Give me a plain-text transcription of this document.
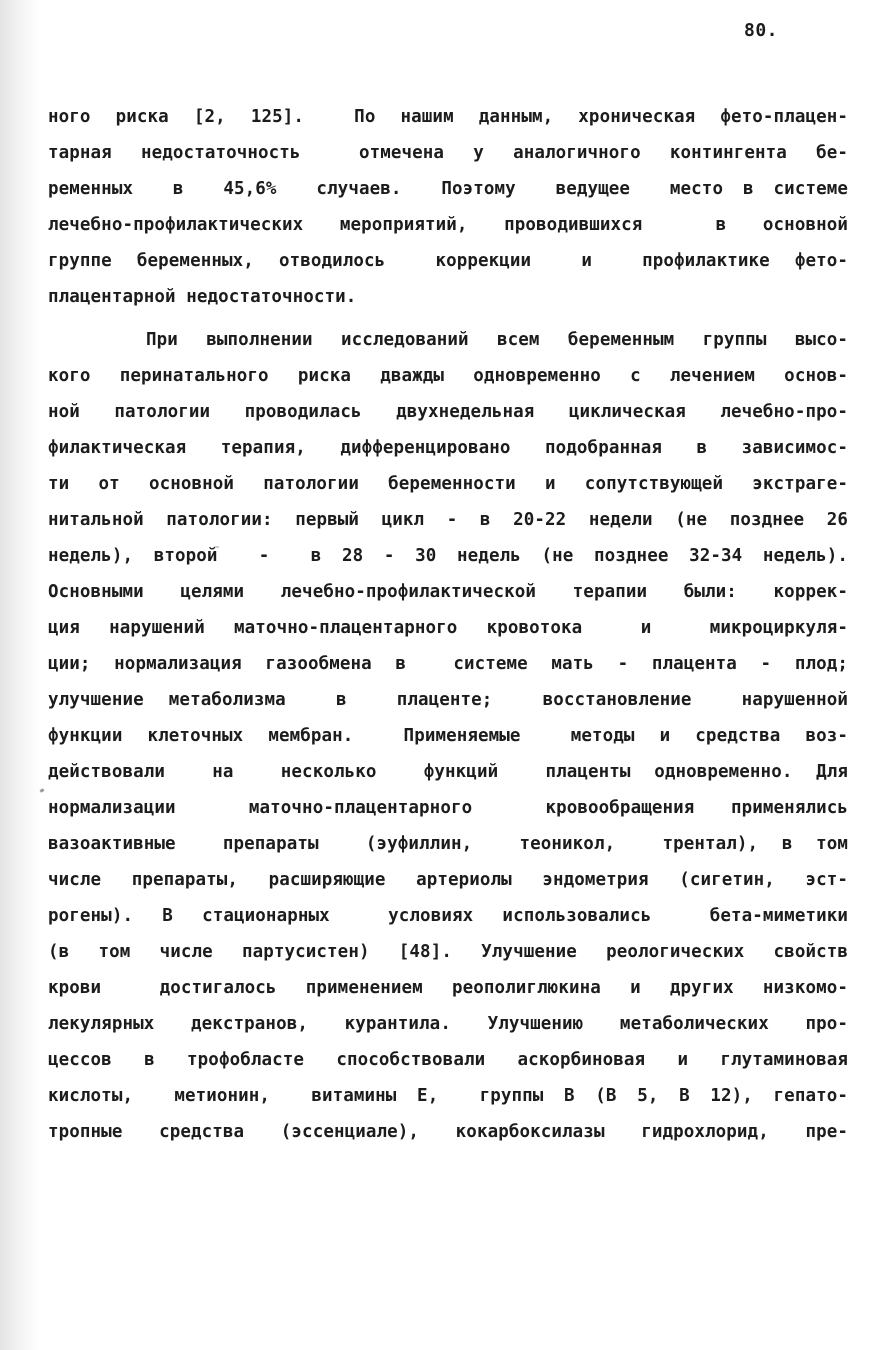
80.
ного риска [2, 125].  По нашим данным, хроническая фето-плацен-
тарная недостаточность  отмечена у аналогичного контингента бе-
ременных  в  45,6%  случаев.  Поэтому  ведущее  место в системе
лечебно-профилактических мероприятий, проводившихся  в основной
группе беременных, отводилось  коррекции  и  профилактике фето-
плацентарной недостаточности.
При выполнении исследований всем беременным группы высо-
кого перинатального риска дважды одновременно с лечением основ-
ной патологии проводилась двухнедельная циклическая лечебно-про-
филактическая терапия, дифференцировано подобранная в зависимос-
ти от основной патологии беременности и сопутствующей экстраге-
нитальной патологии: первый цикл - в 20-22 недели (не позднее 26
недель), второй  -  в 28 - 30 недель (не позднее 32-34 недель).
Основными целями лечебно-профилактической терапии были: коррек-
ция нарушений маточно-плацентарного кровотока  и  микроциркуля-
ции; нормализация газообмена в  системе мать - плацента - плод;
улучшение метаболизма  в  плаценте;  восстановление  нарушенной
функции клеточных мембран.  Применяемые  методы и средства воз-
действовали  на  несколько  функций  плаценты одновременно. Для
нормализации  маточно-плацентарного  кровообращения применялись
вазоактивные  препараты  (эуфиллин,  теоникол,  трентал), в том
числе препараты, расширяющие артериолы эндометрия (сигетин, эст-
рогены). В стационарных  условиях использовались  бета-миметики
(в том числе партусистен) [48]. Улучшение реологических свойств
крови  достигалось применением реополиглюкина и других низкомо-
лекулярных декстранов, курантила. Улучшению метаболических про-
цессов в трофобласте способствовали аскорбиновая и глутаминовая
кислоты,  метионин,  витамины Е,  группы В (В 5, В 12), гепато-
тропные средства (эссенциале), кокарбоксилазы гидрохлорид, пре-
